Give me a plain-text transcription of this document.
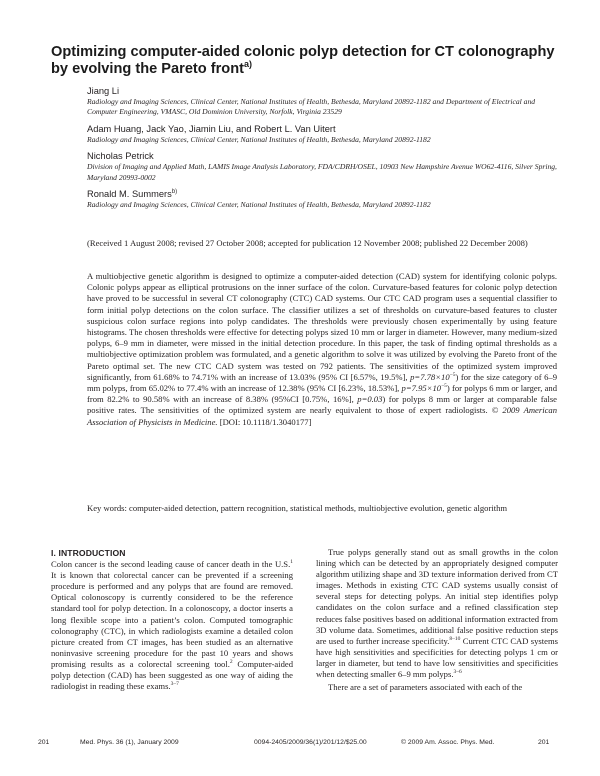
Optimizing computer-aided colonic polyp detection for CT colonography by evolving the Pareto front$^{a)}$

Jiang Li

Radiology and Imaging Sciences, Clinical Center, National Institutes of Health, Bethesda, Maryland 20892-1182 and Department of Electrical and Computer Engineering, VMASC, Old Dominion University, Norfolk, Virginia 23529

Adam Huang, Jack Yao, Jiamin Liu, and Robert L. Van Uitert

Radiology and Imaging Sciences, Clinical Center, National Institutes of Health, Bethesda, Maryland 20892-1182

Nicholas Petrick

Division of Imaging and Applied Math, LAMIS Image Analysis Laboratory, FDA/CDRH/OSEL, 10903 New Hampshire Avenue WO62-4116, Silver Spring, Maryland 20993-0002

Ronald M. Summers$^{b)}$

Radiology and Imaging Sciences, Clinical Center, National Institutes of Health, Bethesda, Maryland 20892-1182

(Received 1 August 2008; revised 27 October 2008; accepted for publication 12 November 2008; published 22 December 2008)
A multiobjective genetic algorithm is designed to optimize a computer-aided detection (CAD) system for identifying colonic polyps. Colonic polyps appear as elliptical protrusions on the inner surface of the colon. Curvature-based features for colonic polyp detection have proved to be successful in several CT colonography (CTC) CAD systems. Our CTC CAD program uses a sequential classifier to form initial polyp detections on the colon surface. The classifier utilizes a set of thresholds on curvature-based features to cluster suspicious colon surface regions into polyp candidates. The thresholds were previously chosen experimentally by using feature histograms. The chosen thresholds were effective for detecting polyps sized 10 mm or larger in diameter. However, many medium-sized polyps, 6–9 mm in diameter, were missed in the initial detection procedure. In this paper, the task of finding optimal thresholds as a multiobjective optimization problem was formulated, and a genetic algorithm to solve it was utilized by evolving the Pareto front of the Pareto optimal set. The new CTC CAD system was tested on 792 patients. The sensitivities of the optimized system improved significantly, from 61.68% to 74.71% with an increase of 13.03% (95% CI [6.57%, 19.5%], $p=7.78\times 10^{-5}$) for the size category of 6–9 mm polyps, from 65.02% to 77.4% with an increase of 12.38% (95% CI [6.23%, 18.53%], $p=7.95\times 10^{-5}$) for polyps 6 mm or larger, and from 82.2% to 90.58% with an increase of 8.38% (95%CI [0.75%, 16%], p=0.03) for polyps 8 mm or larger at comparable false positive rates. The sensitivities of the optimized system are nearly equivalent to those of expert radiologists. © 2009 American Association of Physicists in Medicine. [DOI: 10.1118/1.3040177]
Key words: computer-aided detection, pattern recognition, statistical methods, multiobjective evolution, genetic algorithm

I. INTRODUCTION

Colon cancer is the second leading cause of cancer death in the U.S.$^1$ It is known that colorectal cancer can be prevented if a screening procedure is performed and any polyps that are found are removed. Optical colonoscopy is currently considered to be the reference standard tool for polyp detection. In a colonoscopy, a doctor inserts a long flexible scope into a patient’s colon. Computed tomographic colonography (CTC), in which radiologists examine a detailed colon picture created from CT images, has been studied as an alternative noninvasive screening procedure for the past 10 years and shows promising results as a colorectal screening tool.$^2$ Computer-aided polyp detection (CAD) has been suggested as one way of aiding the radiologist in reading these exams.$^{3-7}$

True polyps generally stand out as small growths in the colon lining which can be detected by an appropriately designed computer algorithm utilizing shape and 3D texture information derived from CT images. Methods in existing CTC CAD systems usually consist of several steps for detecting polyps. An initial step identifies polyp candidates on the colon surface and a refined classification step reduces false positives based on additional information extracted from 3D volume data. Sometimes, additional false positive reduction steps are used to further increase specificity.$^{8-10}$ Current CTC CAD systems have high sensitivities and specificities for detecting polyps 1 cm or larger in diameter, but tend to have low sensitivities and specificities when detecting smaller 6–9 mm polyps.$^{3-6}$

There are a set of parameters associated with each of the

201	Med. Phys. 36 (1), January 2009	0094-2405/2009/36(1)/201/12/$25.00	© 2009 Am. Assoc. Phys. Med.	201
